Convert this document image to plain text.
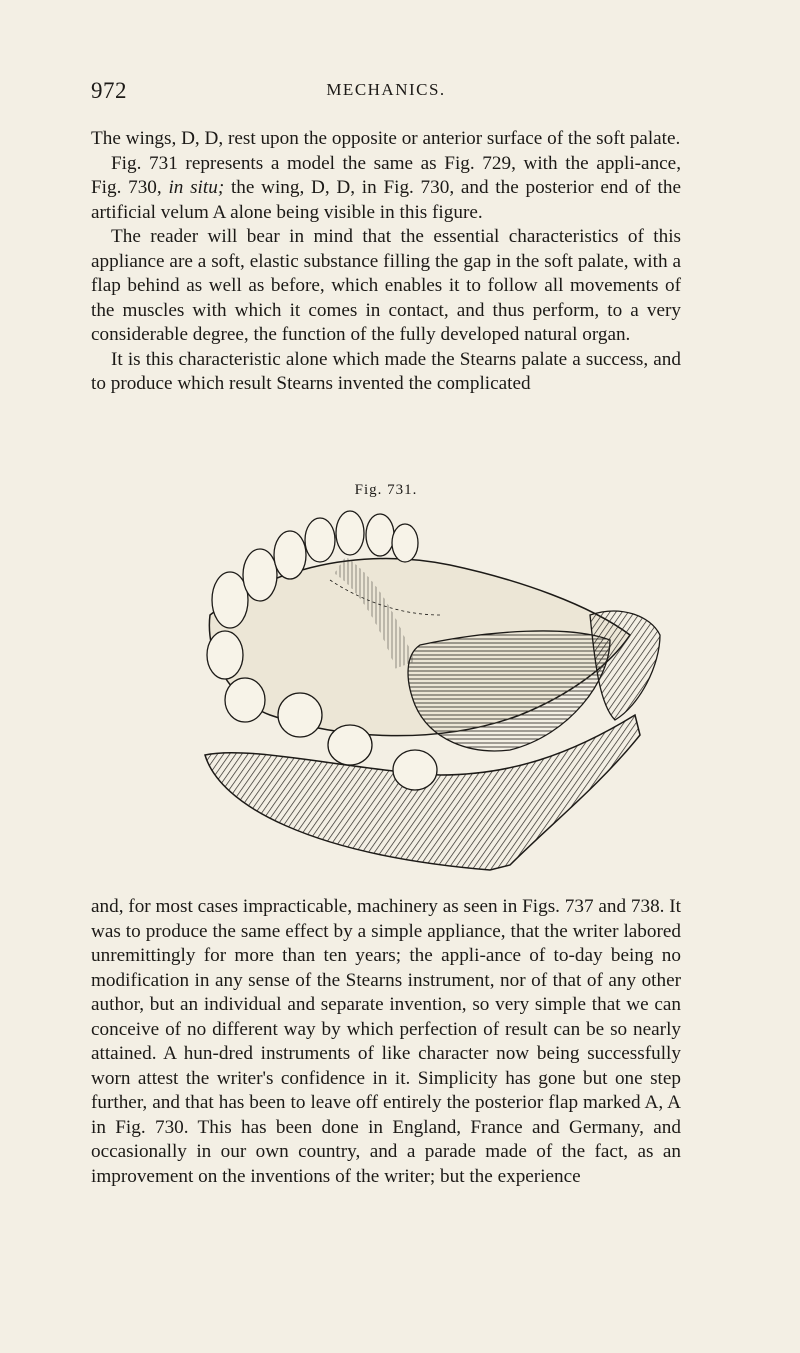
972	MECHANICS.

The wings, D, D, rest upon the opposite or anterior surface of the soft palate.

Fig. 731 represents a model the same as Fig. 729, with the appli-ance, Fig. 730, in situ; the wing, D, D, in Fig. 730, and the posterior end of the artificial velum A alone being visible in this figure.

The reader will bear in mind that the essential characteristics of this appliance are a soft, elastic substance filling the gap in the soft palate, with a flap behind as well as before, which enables it to follow all movements of the muscles with which it comes in contact, and thus perform, to a very considerable degree, the function of the fully developed natural organ.

It is this characteristic alone which made the Stearns palate a success, and to produce which result Stearns invented the complicated

Fig. 731.

and, for most cases impracticable, machinery as seen in Figs. 737 and 738. It was to produce the same effect by a simple appliance, that the writer labored unremittingly for more than ten years; the appli-ance of to-day being no modification in any sense of the Stearns instrument, nor of that of any other author, but an individual and separate invention, so very simple that we can conceive of no different way by which perfection of result can be so nearly attained. A hun-dred instruments of like character now being successfully worn attest the writer's confidence in it. Simplicity has gone but one step further, and that has been to leave off entirely the posterior flap marked A, A in Fig. 730. This has been done in England, France and Germany, and occasionally in our own country, and a parade made of the fact, as an improvement on the inventions of the writer; but the experience
